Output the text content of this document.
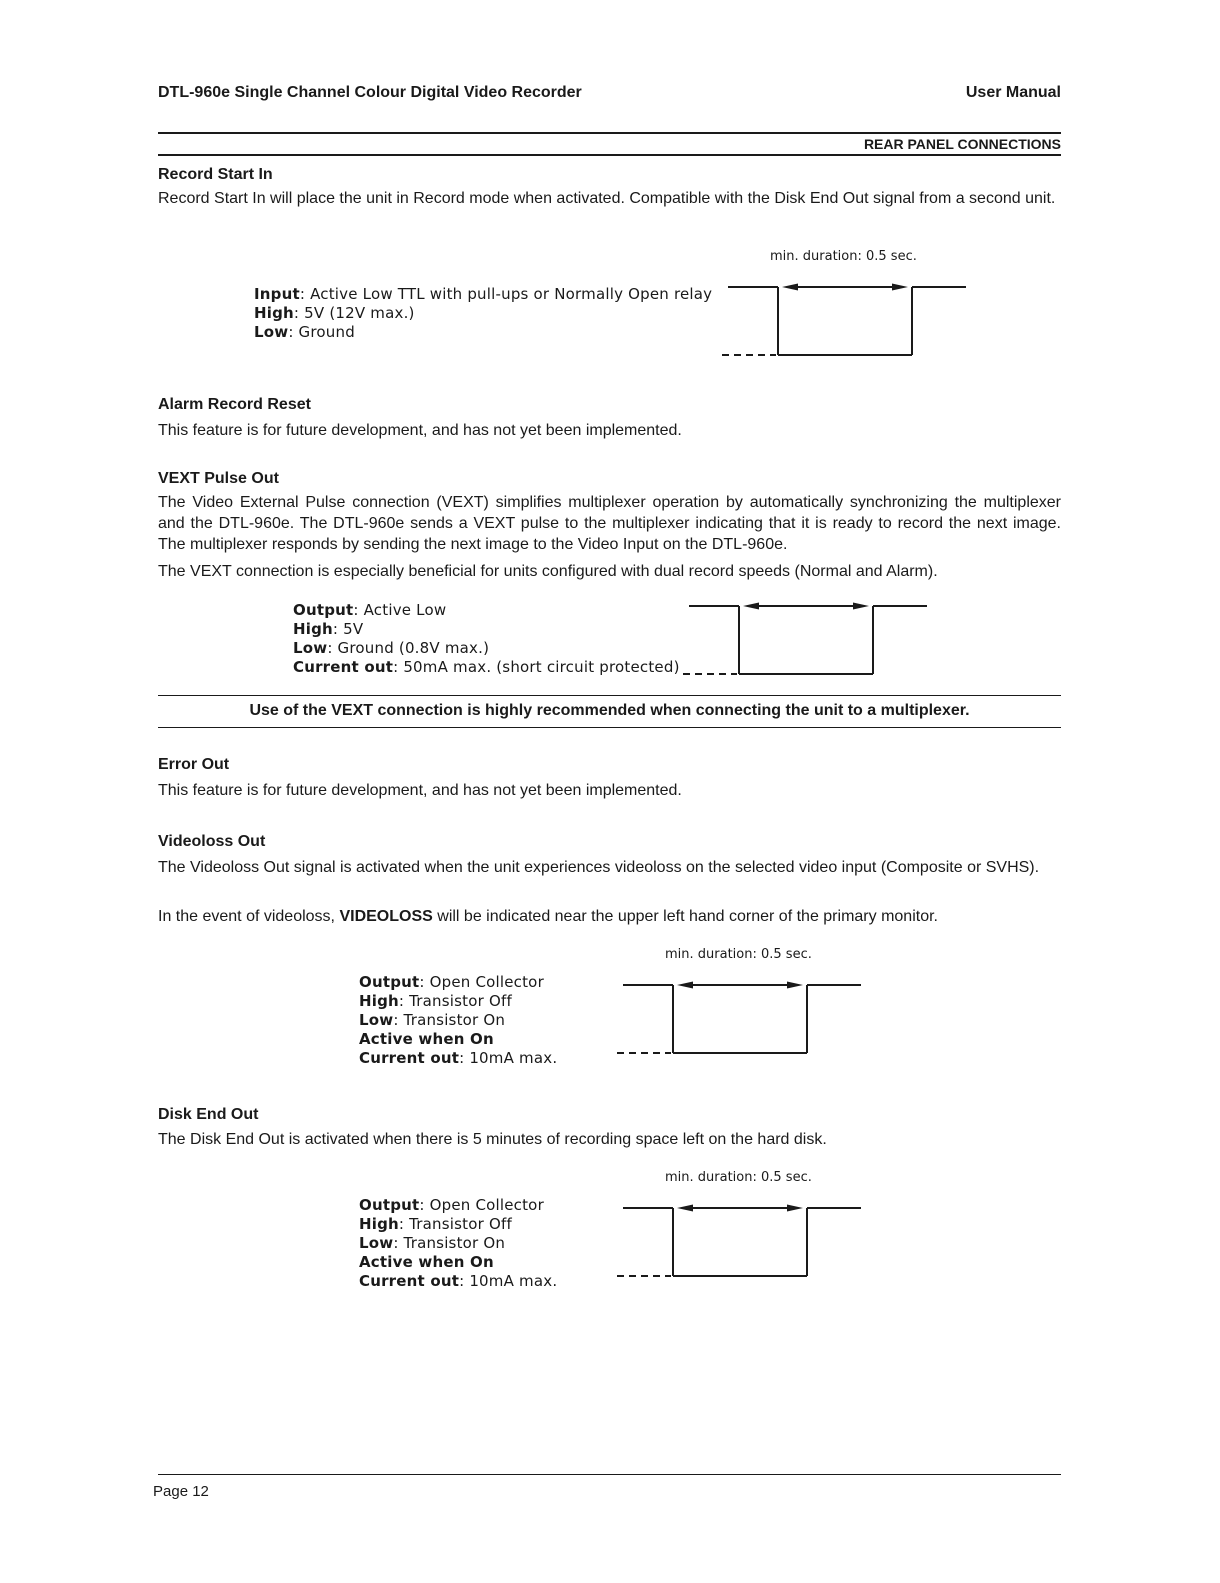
DTL-960e Single Channel Colour Digital Video Recorder	User Manual
REAR PANEL CONNECTIONS
Record Start In

Record Start In will place the unit in Record mode when activated. Compatible with the Disk End Out signal from a second unit.

min. duration: 0.5 sec.
Input: Active Low TTL with pull-ups or Normally Open relay
High: 5V (12V max.)
Low: Ground
Alarm Record Reset

This feature is for future development, and has not yet been implemented.

VEXT Pulse Out

The Video External Pulse connection (VEXT) simplifies multiplexer operation by automatically synchronizing the multiplexer and the DTL-960e. The DTL-960e sends a VEXT pulse to the multiplexer indicating that it is ready to record the next image. The multiplexer responds by sending the next image to the Video Input on the DTL-960e.

The VEXT connection is especially beneficial for units configured with dual record speeds (Normal and Alarm).

Output: Active Low
High: 5V
Low: Ground (0.8V max.)
Current out: 50mA max. (short circuit protected)
Use of the VEXT connection is highly recommended when connecting the unit to a multiplexer.
Error Out

This feature is for future development, and has not yet been implemented.

Videoloss Out

The Videoloss Out signal is activated when the unit experiences videoloss on the selected video input (Composite or SVHS).

In the event of videoloss, VIDEOLOSS will be indicated near the upper left hand corner of the primary monitor.

min. duration: 0.5 sec.
Output: Open Collector
High: Transistor Off
Low: Transistor On
Active when On
Current out: 10mA max.
Disk End Out

The Disk End Out is activated when there is 5 minutes of recording space left on the hard disk.

min. duration: 0.5 sec.
Output: Open Collector
High: Transistor Off
Low: Transistor On
Active when On
Current out: 10mA max.
Page 12
